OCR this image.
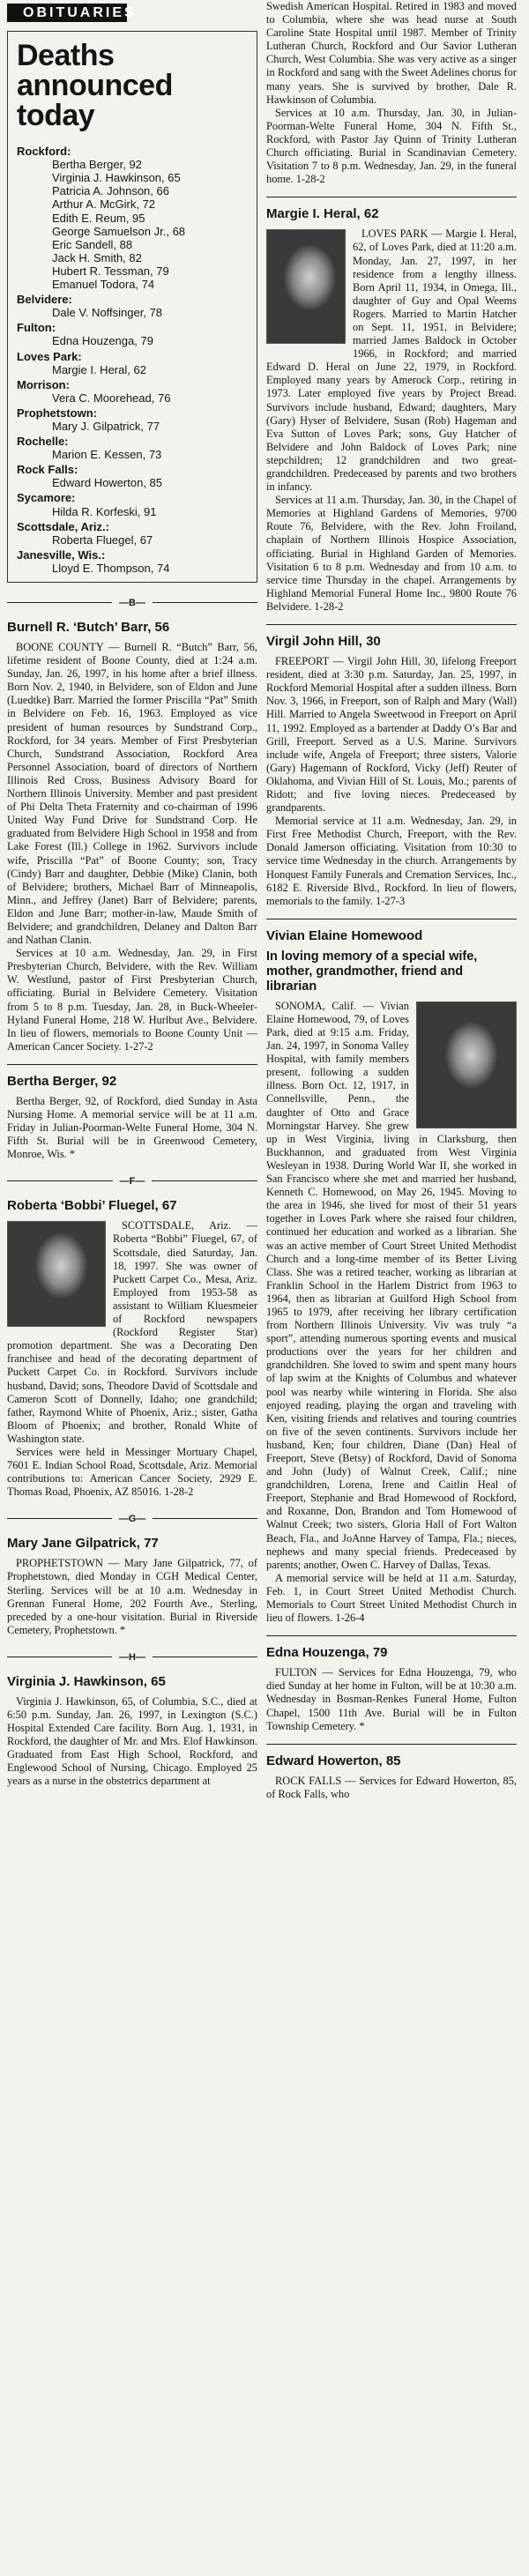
OBITUARIES
Deaths
announced
today
Rockford:
Bertha Berger, 92
Virginia J. Hawkinson, 65
Patricia A. Johnson, 66
Arthur A. McGirk, 72
Edith E. Reum, 95
George Samuelson Jr., 68
Eric Sandell, 88
Jack H. Smith, 82
Hubert R. Tessman, 79
Emanuel Todora, 74
Belvidere:
Dale V. Noffsinger, 78
Fulton:
Edna Houzenga, 79
Loves Park:
Margie I. Heral, 62
Morrison:
Vera C. Moorehead, 76
Prophetstown:
Mary J. Gilpatrick, 77
Rochelle:
Marion E. Kessen, 73
Rock Falls:
Edward Howerton, 85
Sycamore:
Hilda R. Korfeski, 91
Scottsdale, Ariz.:
Roberta Fluegel, 67
Janesville, Wis.:
Lloyd E. Thompson, 74
—B—
Burnell R. ‘Butch’ Barr, 56

BOONE COUNTY — Burnell R. “Butch” Barr, 56, lifetime resident of Boone County, died at 1:24 a.m. Sunday, Jan. 26, 1997, in his home after a brief illness. Born Nov. 2, 1940, in Belvidere, son of Eldon and June (Luedtke) Barr. Married the former Priscilla “Pat” Smith in Belvidere on Feb. 16, 1963. Employed as vice president of human resources by Sundstrand Corp., Rockford, for 34 years. Member of First Presbyterian Church, Sundstrand Association, Rockford Area Personnel Association, board of directors of Northern Illinois Red Cross, Business Advisory Board for Northern Illinois University. Member and past president of Phi Delta Theta Fraternity and co-chairman of 1996 United Way Fund Drive for Sundstrand Corp. He graduated from Belvidere High School in 1958 and from Lake Forest (Ill.) College in 1962. Survivors include wife, Priscilla “Pat” of Boone County; son, Tracy (Cindy) Barr and daughter, Debbie (Mike) Clanin, both of Belvidere; brothers, Michael Barr of Minneapolis, Minn., and Jeffrey (Janet) Barr of Belvidere; parents, Eldon and June Barr; mother-in-law, Maude Smith of Belvidere; and grandchildren, Delaney and Dalton Barr and Nathan Clanin.

Services at 10 a.m. Wednesday, Jan. 29, in First Presbyterian Church, Belvidere, with the Rev. William W. Westlund, pastor of First Presbyterian Church, officiating. Burial in Belvidere Cemetery. Visitation from 5 to 8 p.m. Tuesday, Jan. 28, in Buck-Wheeler-Hyland Funeral Home, 218 W. Hurlbut Ave., Belvidere. In lieu of flowers, memorials to Boone County Unit — American Cancer Society. 1-27-2

Bertha Berger, 92

Bertha Berger, 92, of Rockford, died Sunday in Asta Nursing Home. A memorial service will be at 11 a.m. Friday in Julian-Poorman-Welte Funeral Home, 304 N. Fifth St. Burial will be in Greenwood Cemetery, Monroe, Wis. *

—F—
Roberta ‘Bobbi’ Fluegel, 67

SCOTTSDALE, Ariz. — Roberta “Bobbi” Fluegel, 67, of Scottsdale, died Saturday, Jan. 18, 1997. She was owner of Puckett Carpet Co., Mesa, Ariz. Employed from 1953-58 as assistant to William Kluesmeier of Rockford newspapers (Rockford Register Star) promotion department. She was a Decorating Den franchisee and head of the decorating department of Puckett Carpet Co. in Rockford. Survivors include husband, David; sons, Theodore David of Scottsdale and Cameron Scott of Donnelly, Idaho; one grandchild; father, Raymond White of Phoenix, Ariz.; sister, Gatha Bloom of Phoenix; and brother, Ronald White of Washington state.

Services were held in Messinger Mortuary Chapel, 7601 E. Indian School Road, Scottsdale, Ariz. Memorial contributions to: American Cancer Society, 2929 E. Thomas Road, Phoenix, AZ 85016. 1-28-2

—G—
Mary Jane Gilpatrick, 77

PROPHETSTOWN — Mary Jane Gilpatrick, 77, of Prophetstown, died Monday in CGH Medical Center, Sterling. Services will be at 10 a.m. Wednesday in Grennan Funeral Home, 202 Fourth Ave., Sterling, preceded by a one-hour visitation. Burial in Riverside Cemetery, Prophetstown. *

—H—
Virginia J. Hawkinson, 65

Virginia J. Hawkinson, 65, of Columbia, S.C., died at 6:50 p.m. Sunday, Jan. 26, 1997, in Lexington (S.C.) Hospital Extended Care facility. Born Aug. 1, 1931, in Rockford, the daughter of Mr. and Mrs. Elof Hawkinson. Graduated from East High School, Rockford, and Englewood School of Nursing, Chicago. Employed 25 years as a nurse in the obstetrics department at

Swedish American Hospital. Retired in 1983 and moved to Columbia, where she was head nurse at South Caroline State Hospital until 1987. Member of Trinity Lutheran Church, Rockford and Our Savior Lutheran Church, West Columbia. She was very active as a singer in Rockford and sang with the Sweet Adelines chorus for many years. She is survived by brother, Dale R. Hawkinson of Columbia.

Services at 10 a.m. Thursday, Jan. 30, in Julian-Poorman-Welte Funeral Home, 304 N. Fifth St., Rockford, with Pastor Jay Quinn of Trinity Lutheran Church officiating. Burial in Scandinavian Cemetery. Visitation 7 to 8 p.m. Wednesday, Jan. 29, in the funeral home. 1-28-2

Margie I. Heral, 62

LOVES PARK — Margie I. Heral, 62, of Loves Park, died at 11:20 a.m. Monday, Jan. 27, 1997, in her residence from a lengthy illness. Born April 11, 1934, in Omega, Ill., daughter of Guy and Opal Weems Rogers. Married to Martin Hatcher on Sept. 11, 1951, in Belvidere; married James Baldock in October 1966, in Rockford; and married Edward D. Heral on June 22, 1979, in Rockford. Employed many years by Amerock Corp., retiring in 1973. Later employed five years by Project Bread. Survivors include husband, Edward; daughters, Mary (Gary) Hyser of Belvidere, Susan (Rob) Hageman and Eva Sutton of Loves Park; sons, Guy Hatcher of Belvidere and John Baldock of Loves Park; nine stepchildren; 12 grandchildren and two great-grandchildren. Predeceased by parents and two brothers in infancy.

Services at 11 a.m. Thursday, Jan. 30, in the Chapel of Memories at Highland Gardens of Memories, 9700 Route 76, Belvidere, with the Rev. John Froiland, chaplain of Northern Illinois Hospice Association, officiating. Burial in Highland Garden of Memories. Visitation 6 to 8 p.m. Wednesday and from 10 a.m. to service time Thursday in the chapel. Arrangements by Highland Memorial Funeral Home Inc., 9800 Route 76 Belvidere. 1-28-2

Virgil John Hill, 30

FREEPORT — Virgil John Hill, 30, lifelong Freeport resident, died at 3:30 p.m. Saturday, Jan. 25, 1997, in Rockford Memorial Hospital after a sudden illness. Born Nov. 3, 1966, in Freeport, son of Ralph and Mary (Wall) Hill. Married to Angela Sweetwood in Freeport on April 11, 1992. Employed as a bartender at Daddy O’s Bar and Grill, Freeport. Served as a U.S. Marine. Survivors include wife, Angela of Freeport; three sisters, Valorie (Gary) Hagemann of Rockford, Vicky (Jeff) Reuter of Oklahoma, and Vivian Hill of St. Louis, Mo.; parents of Ridott; and five loving nieces. Predeceased by grandparents.

Memorial service at 11 a.m. Wednesday, Jan. 29, in First Free Methodist Church, Freeport, with the Rev. Donald Jamerson officiating. Visitation from 10:30 to service time Wednesday in the church. Arrangements by Honquest Family Funerals and Cremation Services, Inc., 6182 E. Riverside Blvd., Rockford. In lieu of flowers, memorials to the family. 1-27-3

Vivian Elaine Homewood
In loving memory of a special wife, mother, grandmother, friend and librarian

SONOMA, Calif. — Vivian Elaine Homewood, 79, of Loves Park, died at 9:15 a.m. Friday, Jan. 24, 1997, in Sonoma Valley Hospital, with family members present, following a sudden illness. Born Oct. 12, 1917, in Connellsville, Penn., the daughter of Otto and Grace Morningstar Harvey. She grew up in West Virginia, living in Clarksburg, then Buckhannon, and graduated from West Virginia Wesleyan in 1938. During World War II, she worked in San Francisco where she met and married her husband, Kenneth C. Homewood, on May 26, 1945. Moving to the area in 1946, she lived for most of their 51 years together in Loves Park where she raised four children, continued her education and worked as a librarian. She was an active member of Court Street United Methodist Church and a long-time member of its Better Living Class. She was a retired teacher, working as librarian at Franklin School in the Harlem District from 1963 to 1964, then as librarian at Guilford High School from 1965 to 1979, after receiving her library certification from Northern Illinois University. Viv was truly “a sport”, attending numerous sporting events and musical productions over the years for her children and grandchildren. She loved to swim and spent many hours of lap swim at the Knights of Columbus and whatever pool was nearby while wintering in Florida. She also enjoyed reading, playing the organ and traveling with Ken, visiting friends and relatives and touring countries on five of the seven continents. Survivors include her husband, Ken; four children, Diane (Dan) Heal of Freeport, Steve (Betsy) of Rockford, David of Sonoma and John (Judy) of Walnut Creek, Calif.; nine grandchildren, Lorena, Irene and Caitlin Heal of Freeport, Stephanie and Brad Homewood of Rockford, and Roxanne, Don, Brandon and Tom Homewood of Walnut Creek; two sisters, Gloria Hall of Fort Walton Beach, Fla., and JoAnne Harvey of Tampa, Fla.; nieces, nephews and many special friends. Predeceased by parents; another, Owen C. Harvey of Dallas, Texas.

A memorial service will be held at 11 a.m. Saturday, Feb. 1, in Court Street United Methodist Church. Memorials to Court Street United Methodist Church in lieu of flowers. 1-26-4

Edna Houzenga, 79

FULTON — Services for Edna Houzenga, 79, who died Sunday at her home in Fulton, will be at 10:30 a.m. Wednesday in Bosman-Renkes Funeral Home, Fulton Chapel, 1500 11th Ave. Burial will be in Fulton Township Cemetery. *

Edward Howerton, 85

ROCK FALLS — Services for Edward Howerton, 85, of Rock Falls, who
